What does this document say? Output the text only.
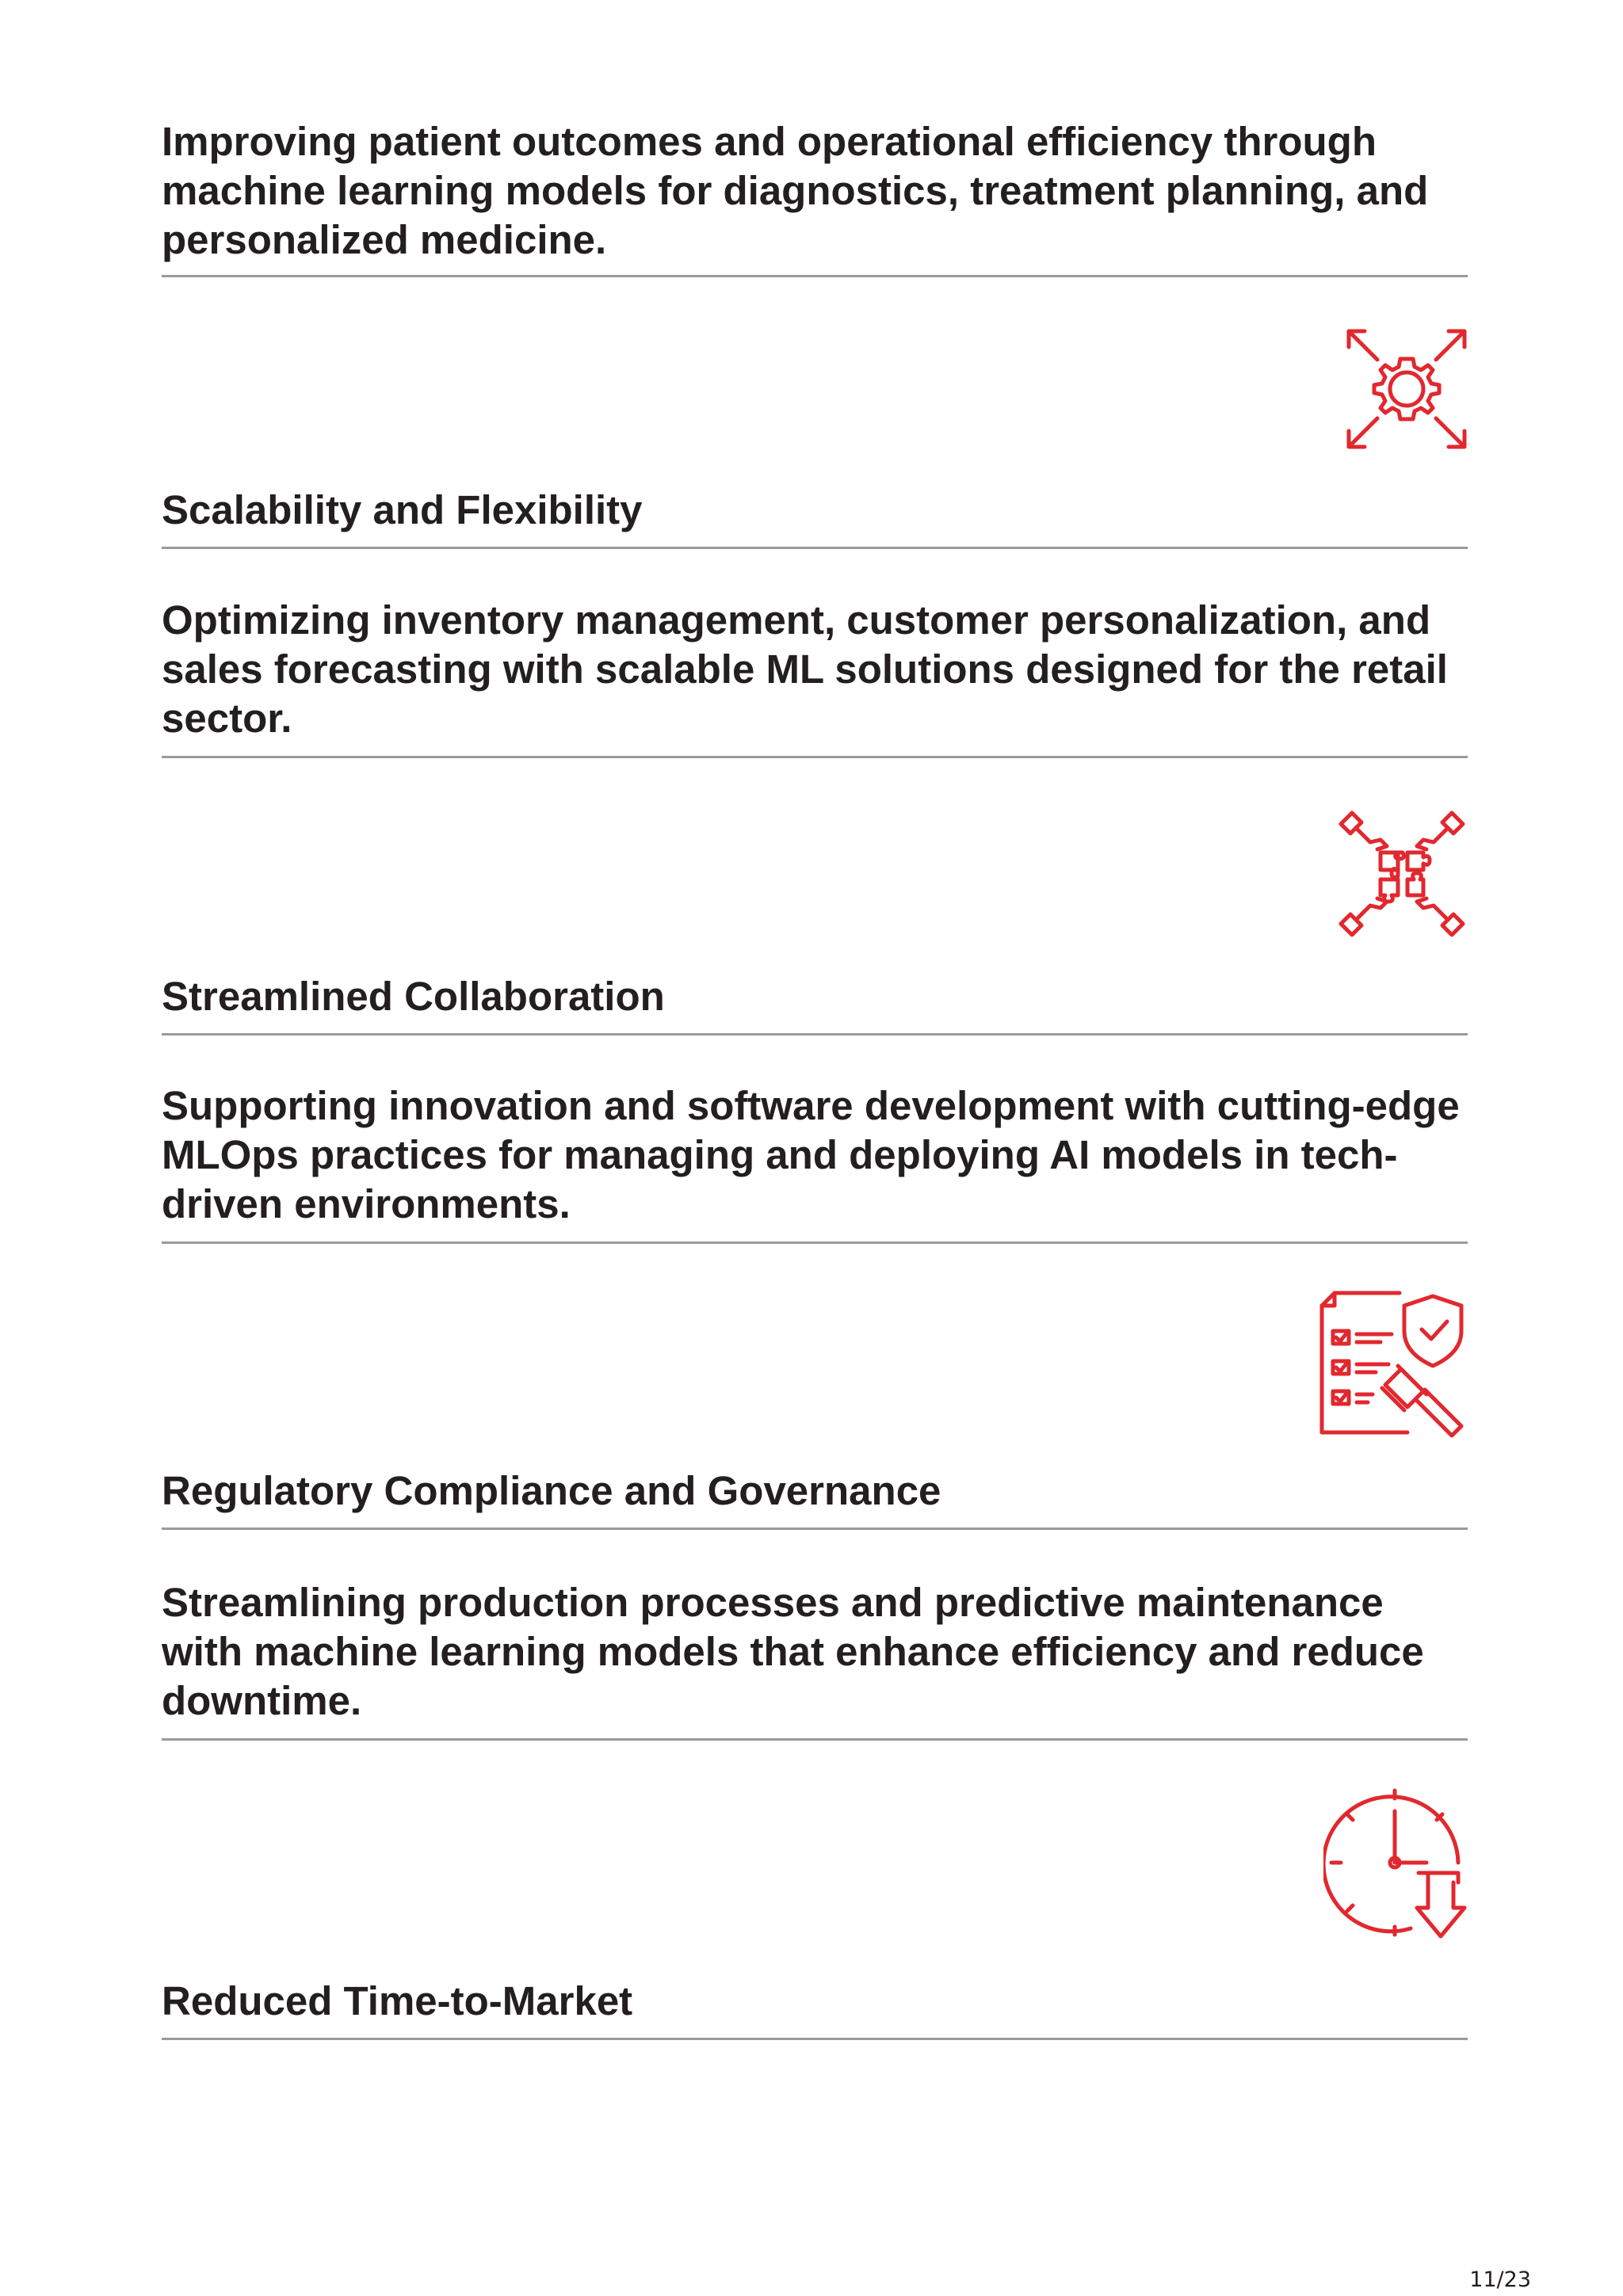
Improving patient outcomes and operational efficiency through machine learning models for diagnostics, treatment planning, and personalized medicine.

Scalability and Flexibility

Optimizing inventory management, customer personalization, and sales forecasting with scalable ML solutions designed for the retail sector.

Streamlined Collaboration

Supporting innovation and software development with cutting-edge MLOps practices for managing and deploying AI models in tech-driven environments.

Regulatory Compliance and Governance

Streamlining production processes and predictive maintenance with machine learning models that enhance efficiency and reduce downtime.

Reduced Time-to-Market
11/23
